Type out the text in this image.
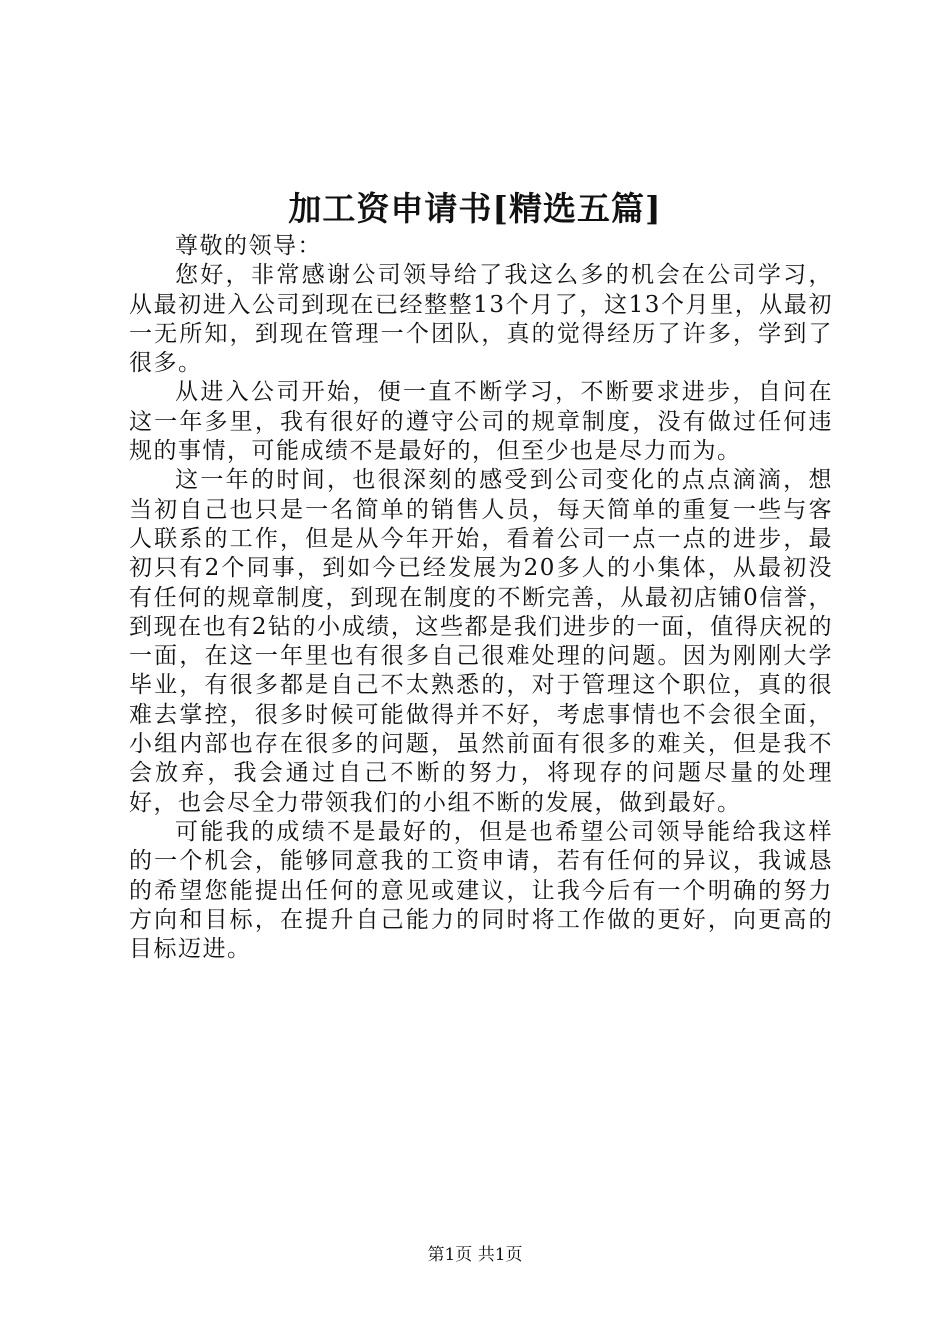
加工资申请书[精选五篇]

尊敬的领导：

您好，非常感谢公司领导给了我这么多的机会在公司学习，从最初进入公司到现在已经整整13个月了，这13个月里，从最初一无所知，到现在管理一个团队，真的觉得经历了许多，学到了很多。

从进入公司开始，便一直不断学习，不断要求进步，自问在这一年多里，我有很好的遵守公司的规章制度，没有做过任何违规的事情，可能成绩不是最好的，但至少也是尽力而为。

这一年的时间，也很深刻的感受到公司变化的点点滴滴，想当初自己也只是一名简单的销售人员，每天简单的重复一些与客人联系的工作，但是从今年开始，看着公司一点一点的进步，最初只有2个同事，到如今已经发展为20多人的小集体，从最初没有任何的规章制度，到现在制度的不断完善，从最初店铺0信誉，到现在也有2钻的小成绩，这些都是我们进步的一面，值得庆祝的一面，在这一年里也有很多自己很难处理的问题。因为刚刚大学毕业，有很多都是自己不太熟悉的，对于管理这个职位，真的很难去掌控，很多时候可能做得并不好，考虑事情也不会很全面，小组内部也存在很多的问题，虽然前面有很多的难关，但是我不会放弃，我会通过自己不断的努力，将现存的问题尽量的处理好，也会尽全力带领我们的小组不断的发展，做到最好。

可能我的成绩不是最好的，但是也希望公司领导能给我这样的一个机会，能够同意我的工资申请，若有任何的异议，我诚恳的希望您能提出任何的意见或建议，让我今后有一个明确的努力方向和目标，在提升自己能力的同时将工作做的更好，向更高的目标迈进。

第1页 共1页
